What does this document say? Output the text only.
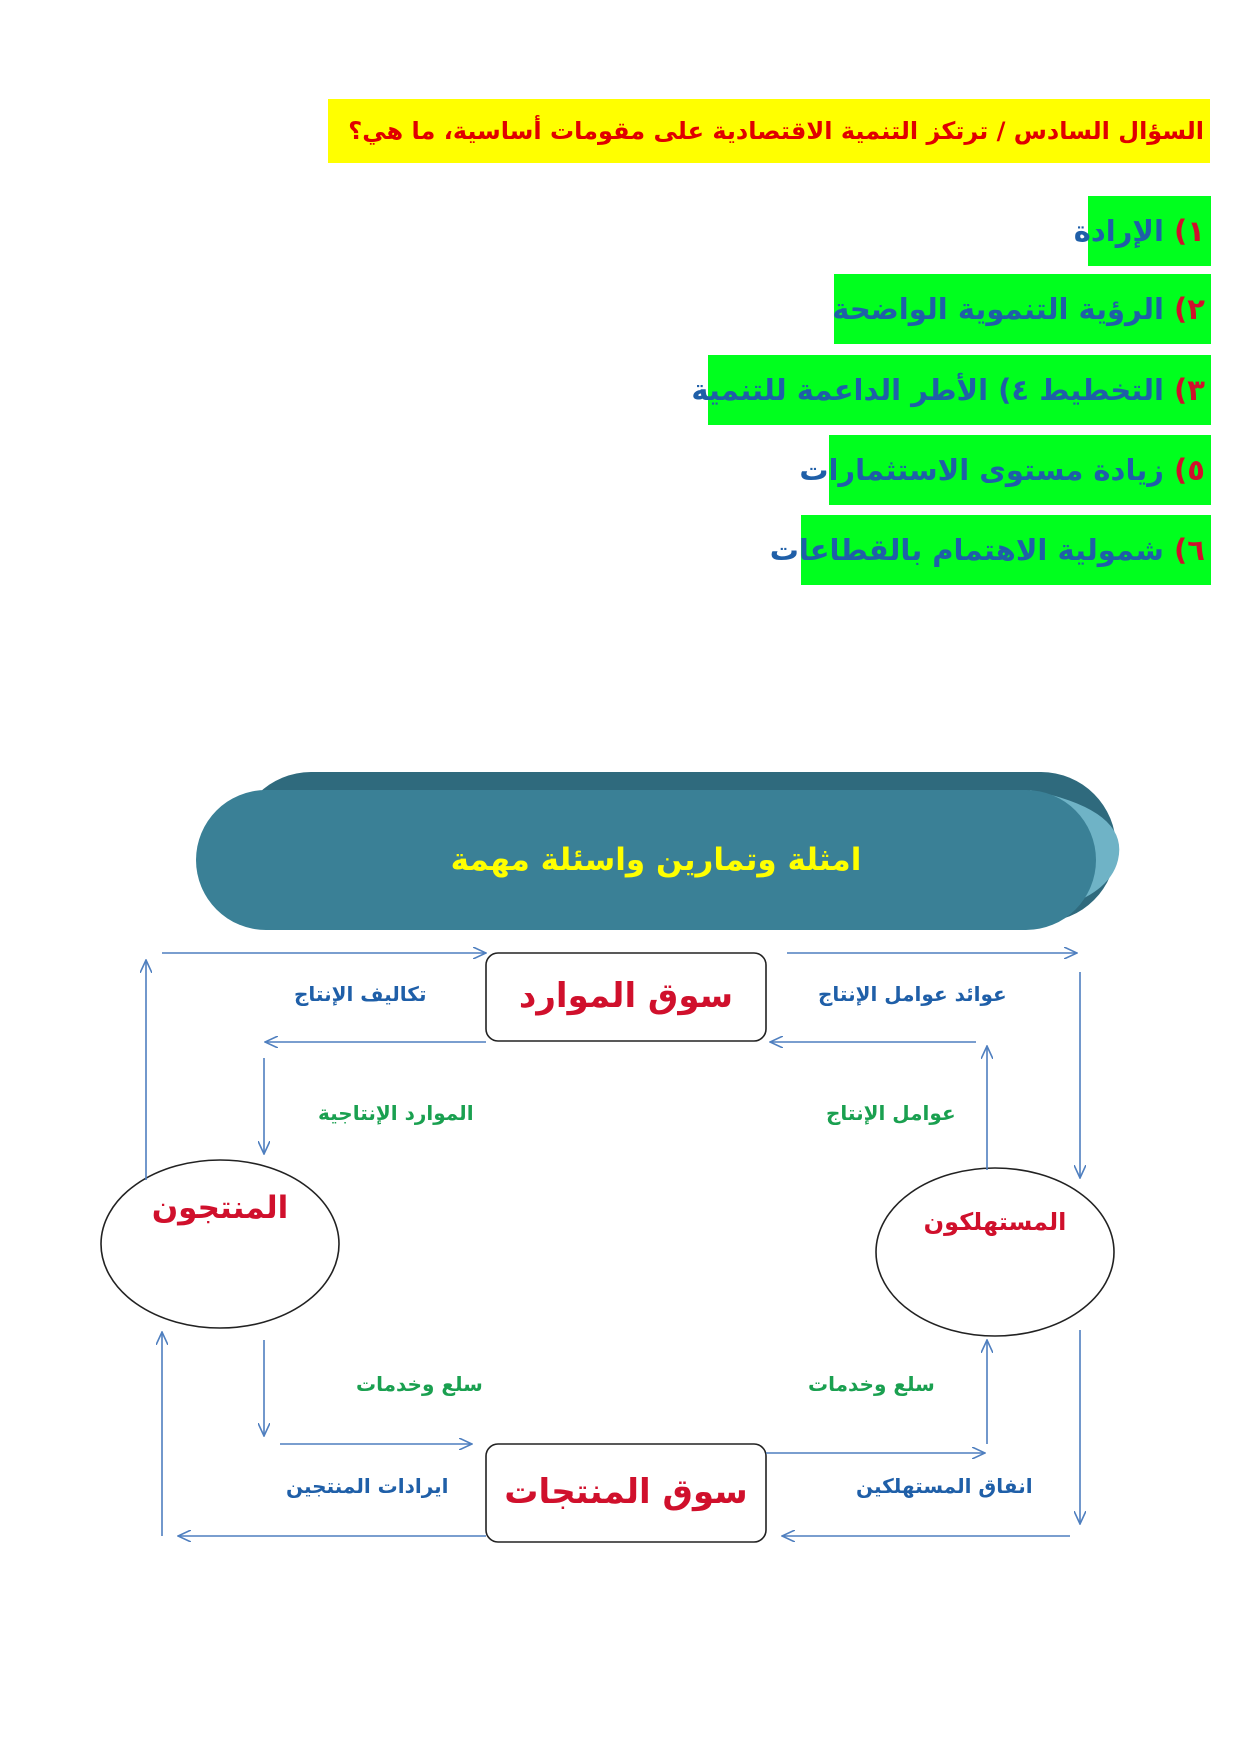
السؤال السادس / ترتكز التنمية الاقتصادية على مقومات أساسية، ما هي؟
١) الإرادة
٢) الرؤية التنموية الواضحة
٣) التخطيط ٤) الأطر الداعمة للتنمية
٥) زيادة مستوى الاستثمارات
٦) شمولية الاهتمام بالقطاعات
امثلة وتمارين واسئلة مهمة
سوق الموارد
سوق المنتجات
المنتجون	المستهلكون
تكاليف الإنتاج	عوائد عوامل الإنتاج
الموارد الإنتاجية	عوامل الإنتاج
سلع وخدمات	سلع وخدمات
ايرادات المنتجين	انفاق المستهلكين
